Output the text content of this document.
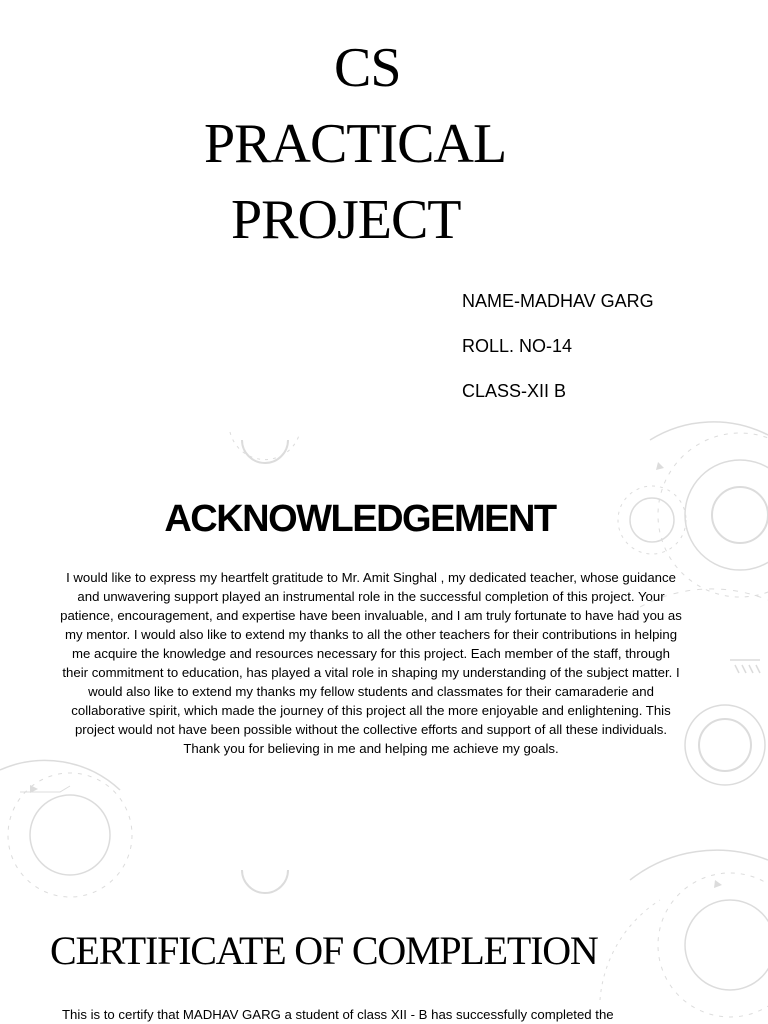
CS
PRACTICAL
PROJECT
NAME-MADHAV GARG
ROLL. NO-14
CLASS-XII B
ACKNOWLEDGEMENT

I would like to express my heartfelt gratitude to Mr. Amit Singhal , my dedicated teacher, whose guidance and unwavering support played an instrumental role in the successful completion of this project. Your patience, encouragement, and expertise have been invaluable, and I am truly fortunate to have had you as my mentor. I would also like to extend my thanks to all the other teachers for their contributions in helping me acquire the knowledge and resources necessary for this project. Each member of the staff, through their commitment to education, has played a vital role in shaping my understanding of the subject matter. I would also like to extend my thanks my fellow students and classmates for their camaraderie and collaborative spirit, which made the journey of this project all the more enjoyable and enlightening. This project would not have been possible without the collective efforts and support of all these individuals. Thank you for believing in me and helping me achieve my goals.

CERTIFICATE OF COMPLETION
This is to certify that MADHAV GARG a student of class XII - B has successfully completed the
